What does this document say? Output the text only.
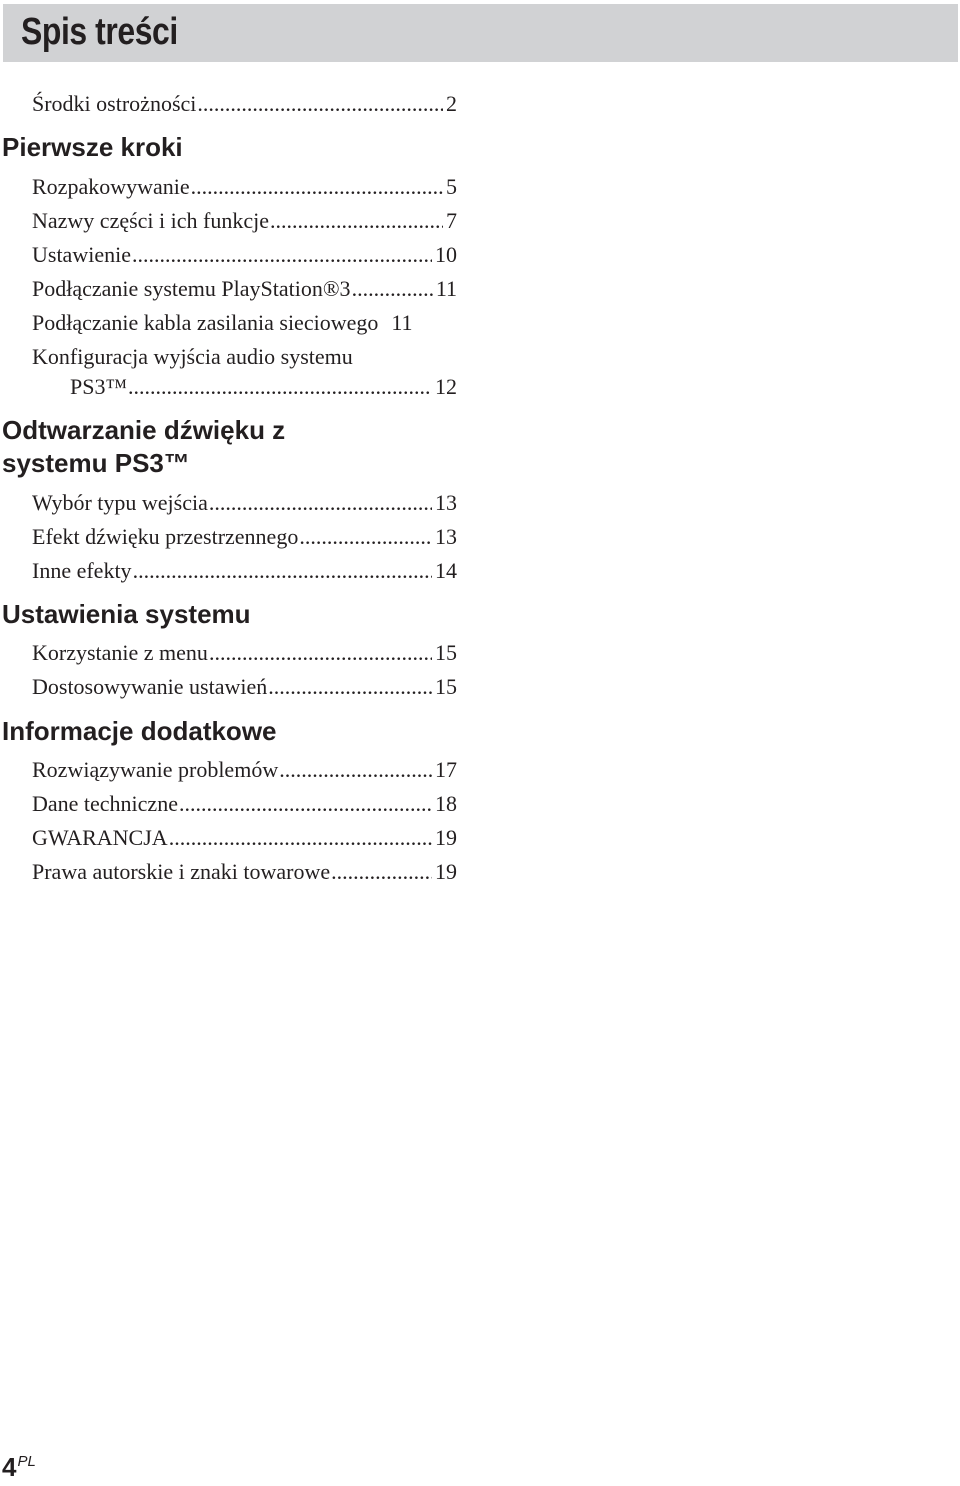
Spis treści
Środki ostrożności .....	2
Pierwsze kroki
Rozpakowywanie .....	5
Nazwy części i ich funkcje .....	7
Ustawienie .....	10
Podłączanie systemu PlayStation®3 .....	11
Podłączanie kabla zasilania sieciowego 11
Konfiguracja wyjścia audio systemu
PS3™ .....	12
Odtwarzanie dźwięku z
systemu PS3™
Wybór typu wejścia .....	13
Efekt dźwięku przestrzennego .....	13
Inne efekty .....	14
Ustawienia systemu
Korzystanie z menu .....	15
Dostosowywanie ustawień .....	15
Informacje dodatkowe
Rozwiązywanie problemów .....	17
Dane techniczne .....	18
GWARANCJA .....	19
Prawa autorskie i znaki towarowe .....	19
4PL
